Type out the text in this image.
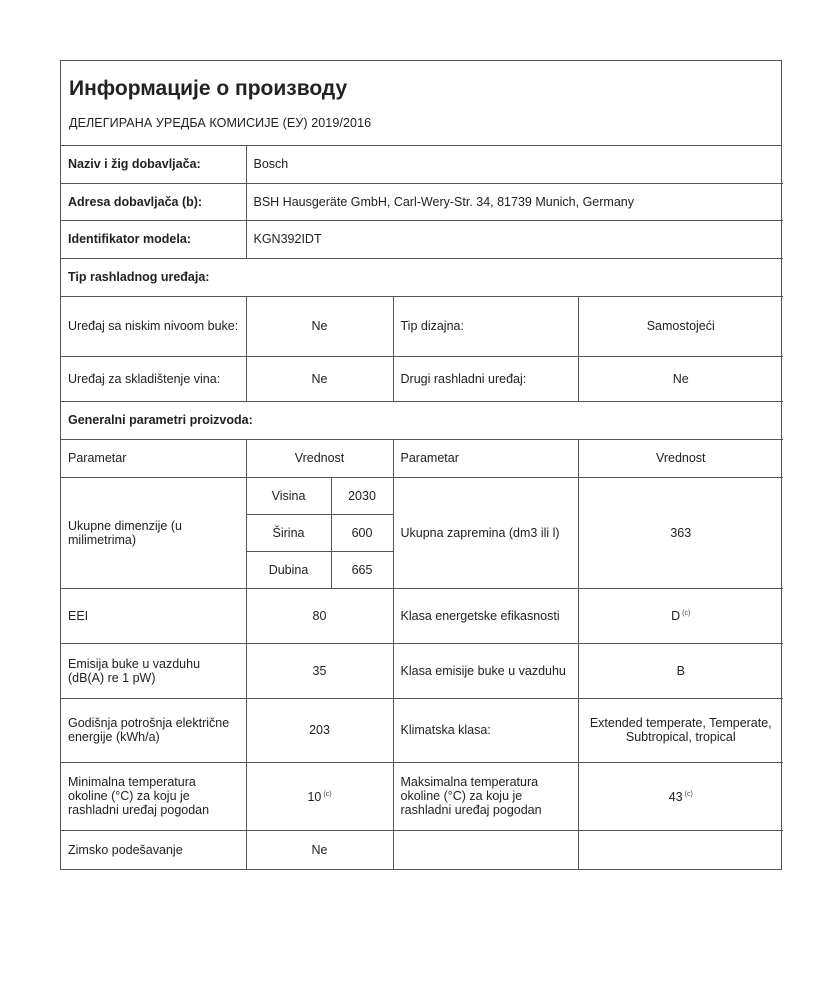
Информације о производу
ДЕЛЕГИРАНА УРЕДБА КОМИСИЈЕ (ЕУ) 2019/2016
Naziv i žig dobavljača:	Bosch			
Adresa dobavljača (b):	BSH Hausgeräte GmbH, Carl-Wery-Str. 34, 81739 Munich, Germany			
Identifikator modela:	KGN392IDT			
Tip rashladnog uređaja:				
Uređaj sa niskim nivoom buke:	Ne		Tip dizajna:	Samostojeći
Uređaj za skladištenje vina:	Ne		Drugi rashladni uređaj:	Ne
Generalni parametri proizvoda:				
Parametar	Vrednost		Parametar	Vrednost
Ukupne dimenzije (u milimetrima)	Visina	2030	Ukupna zapremina (dm3 ili l)	363
	Širina	600		
	Dubina	665		
EEI	80		Klasa energetske efikasnosti	D $^{(c)}$
Emisija buke u vazduhu (dB(A) re 1 pW)	35		Klasa emisije buke u vazduhu	B
Godišnja potrošnja električne energije (kWh/a)	203		Klimatska klasa:	Extended temperate, Temperate, Subtropical, tropical
Minimalna temperatura okoline (°C) za koju je rashladni uređaj pogodan	10 $^{(c)}$		Maksimalna temperatura okoline (°C) za koju je rashladni uređaj pogodan	43 $^{(c)}$
Zimsko podešavanje	Ne			
